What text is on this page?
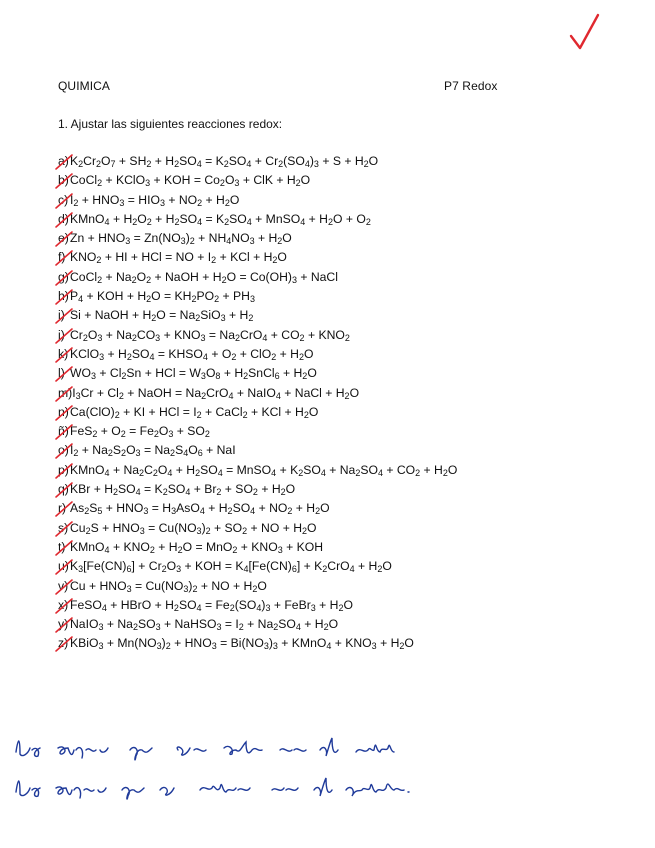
QUIMICA	P7 Redox
1. Ajustar las siguientes reacciones redox:
$a)K_2Cr_2O_7 + SH_2 + H_2SO_4 = K_2SO_4 + Cr_2(SO_4)_3 + S + H_2O$
b)CoCl$_2$ + KClO$_3$ + KOH = $Co_2O_3$ + ClK + $H_2O$
c) $I_2 + HNO_3 = HIO_3 + NO_2 + H_2O$
d)KMnO$_4$ + $H_2O_2 + H_2SO_4 = K_2SO_4$ + MnSO$_4$ + $H_2O + O_2$
$e)Zn + HNO_3 = Zn(NO_3)_2 + NH_4NO_3 + H_2O$
f) $KNO_2$ + HI + HCl = NO + $I_2$ + KCl + $H_2O$
g)CoCl$_2$ + $Na_2O_2$ + NaOH + $H_2O = Co(OH)_3$ + NaCl
$h)P_4$ + KOH + $H_2O = KH_2PO_2 + PH_3$
i) Si + NaOH + $H_2O = Na_2SiO_3 + H_2$
j) $Cr_2O_3 + Na_2CO_3 + KNO_3 = Na_2CrO_4 + CO_2 + KNO_2$
k) KClO$_3$ + $H_2SO_4$ = $KHSO_4 + O_2 + ClO_2 + H_2O$
l) $WO_3 + Cl_2Sn$ + HCl = $W_3O_8$ + $H_2SnCl_6 + H_2O$
$m)I_3Cr + Cl_2$ + NaOH = $Na_2CrO_4$ + NaIO$_4$ + NaCl + $H_2O$
$n)Ca(ClO)_2$ + KI + HCl = $I_2$ + CaCl$_2$ + KCl + $H_2O$
ñ)FeS$_2$ + $O_2 = Fe_2O_3 + SO_2$
$o)I_2 + Na_2S_2O_3 = Na_2S_4O_6$ + NaI
p)KMnO$_4$ + $Na_2C_2O_4 + H_2SO_4$ = MnSO$_4$ + $K_2SO_4 + Na_2SO_4 + CO_2 + H_2O$
$q)KBr + H_2SO_4 = K_2SO_4 + Br_2 + SO_2 + H_2O$
r) $As_2S_5 + HNO_3 = H_3AsO_4 + H_2SO_4 + NO_2 + H_2O$
s) $Cu_2S + HNO_3 = Cu(NO_3)_2 + SO_2$ + NO + $H_2O$
t) KMnO$_4$ + $KNO_2 + H_2O = MnO_2 + KNO_3$ + KOH
$u)K_3[Fe(CN)_6] + Cr_2O_3$ + KOH = $K_4[Fe(CN)_6] + K_2CrO_4 + H_2O$
v) $Cu + HNO_3 = Cu(NO_3)_2$ + NO + $H_2O$
x) FeSO$_4$ + HBrO + $H_2SO_4 = Fe_2(SO_4)_3$ + FeBr$_3$ + $H_2O$
y) NaIO$_3$ + $Na_2SO_3$ + NaHSO$_3$ = $I_2 + Na_2SO_4 + H_2O$
z) KBiO$_3$ + $Mn(NO_3)_2 + HNO_3 = Bi(NO_3)_3$ + KMnO$_4$ + $KNO_3 + H_2O$
